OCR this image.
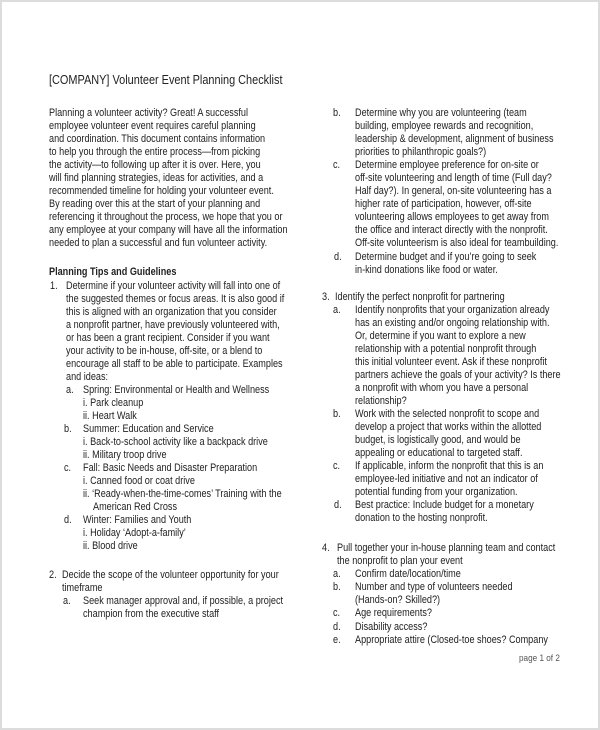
[COMPANY] Volunteer Event Planning Checklist
Planning a volunteer activity? Great! A successful
employee volunteer event requires careful planning
and coordination. This document contains information
to help you through the entire process—from picking
the activity—to following up after it is over. Here, you
will find planning strategies, ideas for activities, and a
recommended timeline for holding your volunteer event.
By reading over this at the start of your planning and
referencing it throughout the process, we hope that you or
any employee at your company will have all the information
needed to plan a successful and fun volunteer activity.
Planning Tips and Guidelines
1. Determine if your volunteer activity will fall into one of
the suggested themes or focus areas. It is also good if
this is aligned with an organization that you consider
a nonprofit partner, have previously volunteered with,
or has been a grant recipient. Consider if you want
your activity to be in-house, off-site, or a blend to
encourage all staff to be able to participate. Examples
and ideas:
a. Spring: Environmental or Health and Wellness
i. Park cleanup
ii. Heart Walk
b. Summer: Education and Service
i. Back-to-school activity like a backpack drive
ii. Military troop drive
c. Fall: Basic Needs and Disaster Preparation
i. Canned food or coat drive
ii. ‘Ready-when-the-time-comes’ Training with the
American Red Cross
d. Winter: Families and Youth
i. Holiday ‘Adopt-a-family’
ii. Blood drive
2. Decide the scope of the volunteer opportunity for your
timeframe
a. Seek manager approval and, if possible, a project
champion from the executive staff
b. Determine why you are volunteering (team
building, employee rewards and recognition,
leadership & development, alignment of business
priorities to philanthropic goals?)
c. Determine employee preference for on-site or
off-site volunteering and length of time (Full day?
Half day?). In general, on-site volunteering has a
higher rate of participation, however, off-site
volunteering allows employees to get away from
the office and interact directly with the nonprofit.
Off-site volunteerism is also ideal for teambuilding.
d. Determine budget and if you’re going to seek
in-kind donations like food or water.
3. Identify the perfect nonprofit for partnering
a. Identify nonprofits that your organization already
has an existing and/or ongoing relationship with.
Or, determine if you want to explore a new
relationship with a potential nonprofit through
this initial volunteer event. Ask if these nonprofit
partners achieve the goals of your activity? Is there
a nonprofit with whom you have a personal
relationship?
b. Work with the selected nonprofit to scope and
develop a project that works within the allotted
budget, is logistically good, and would be
appealing or educational to targeted staff.
c. If applicable, inform the nonprofit that this is an
employee-led initiative and not an indicator of
potential funding from your organization.
d. Best practice: Include budget for a monetary
donation to the hosting nonprofit.
4. Pull together your in-house planning team and contact
the nonprofit to plan your event
a. Confirm date/location/time
b. Number and type of volunteers needed
(Hands-on? Skilled?)
c. Age requirements?
d. Disability access?
e. Appropriate attire (Closed-toe shoes? Company
page 1 of 2
